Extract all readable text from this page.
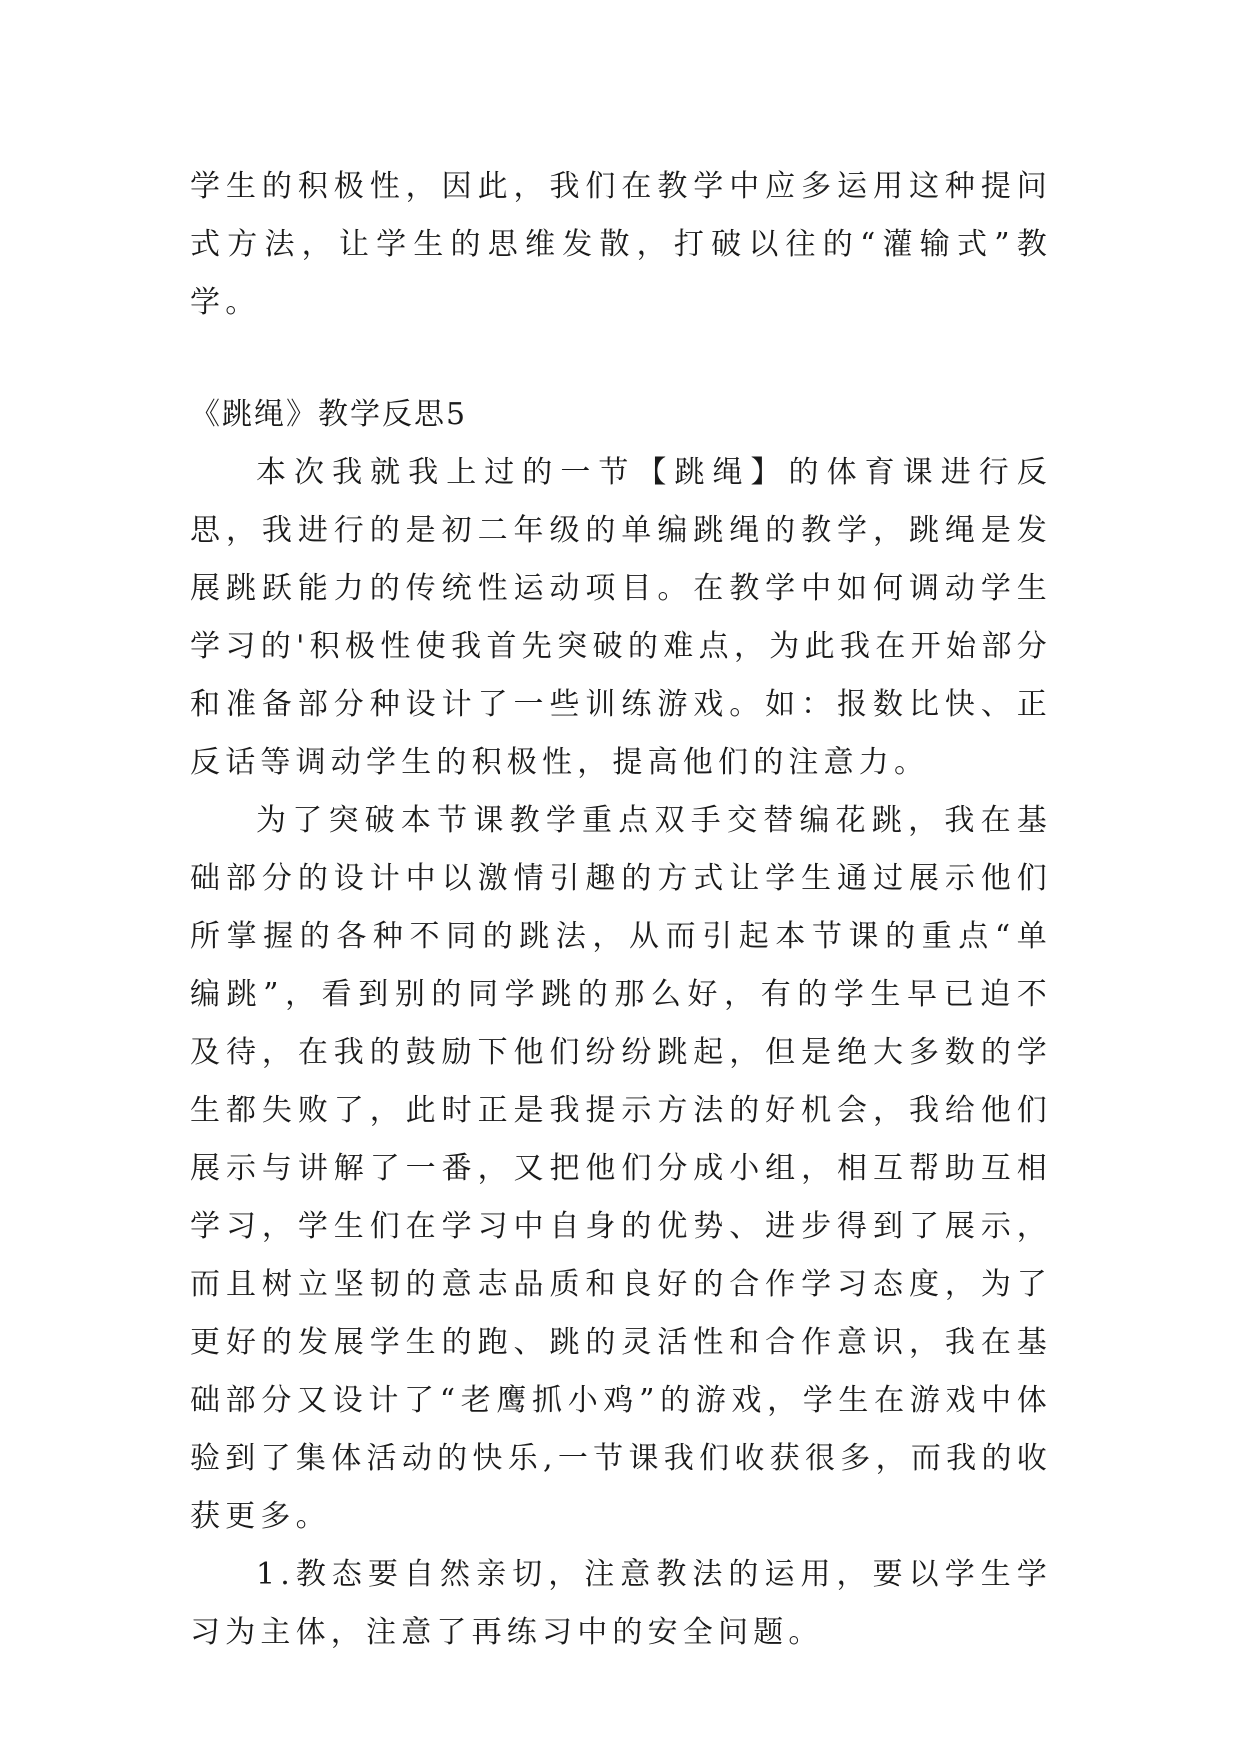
学生的积极性，因此，我们在教学中应多运用这种提问式方法，让学生的思维发散，打破以往的“灌输式”教学。

《跳绳》教学反思5

本次我就我上过的一节【跳绳】的体育课进行反思，我进行的是初二年级的单编跳绳的教学，跳绳是发展跳跃能力的传统性运动项目。在教学中如何调动学生学习的'积极性使我首先突破的难点，为此我在开始部分和准备部分种设计了一些训练游戏。如：报数比快、正反话等调动学生的积极性，提高他们的注意力。

为了突破本节课教学重点双手交替编花跳，我在基础部分的设计中以激情引趣的方式让学生通过展示他们所掌握的各种不同的跳法，从而引起本节课的重点“单编跳”，看到别的同学跳的那么好，有的学生早已迫不及待，在我的鼓励下他们纷纷跳起，但是绝大多数的学生都失败了，此时正是我提示方法的好机会，我给他们展示与讲解了一番，又把他们分成小组，相互帮助互相学习，学生们在学习中自身的优势、进步得到了展示，而且树立坚韧的意志品质和良好的合作学习态度，为了更好的发展学生的跑、跳的灵活性和合作意识，我在基础部分又设计了“老鹰抓小鸡”的游戏，学生在游戏中体验到了集体活动的快乐,一节课我们收获很多，而我的收获更多。

1.教态要自然亲切，注意教法的运用，要以学生学习为主体，注意了再练习中的安全问题。
